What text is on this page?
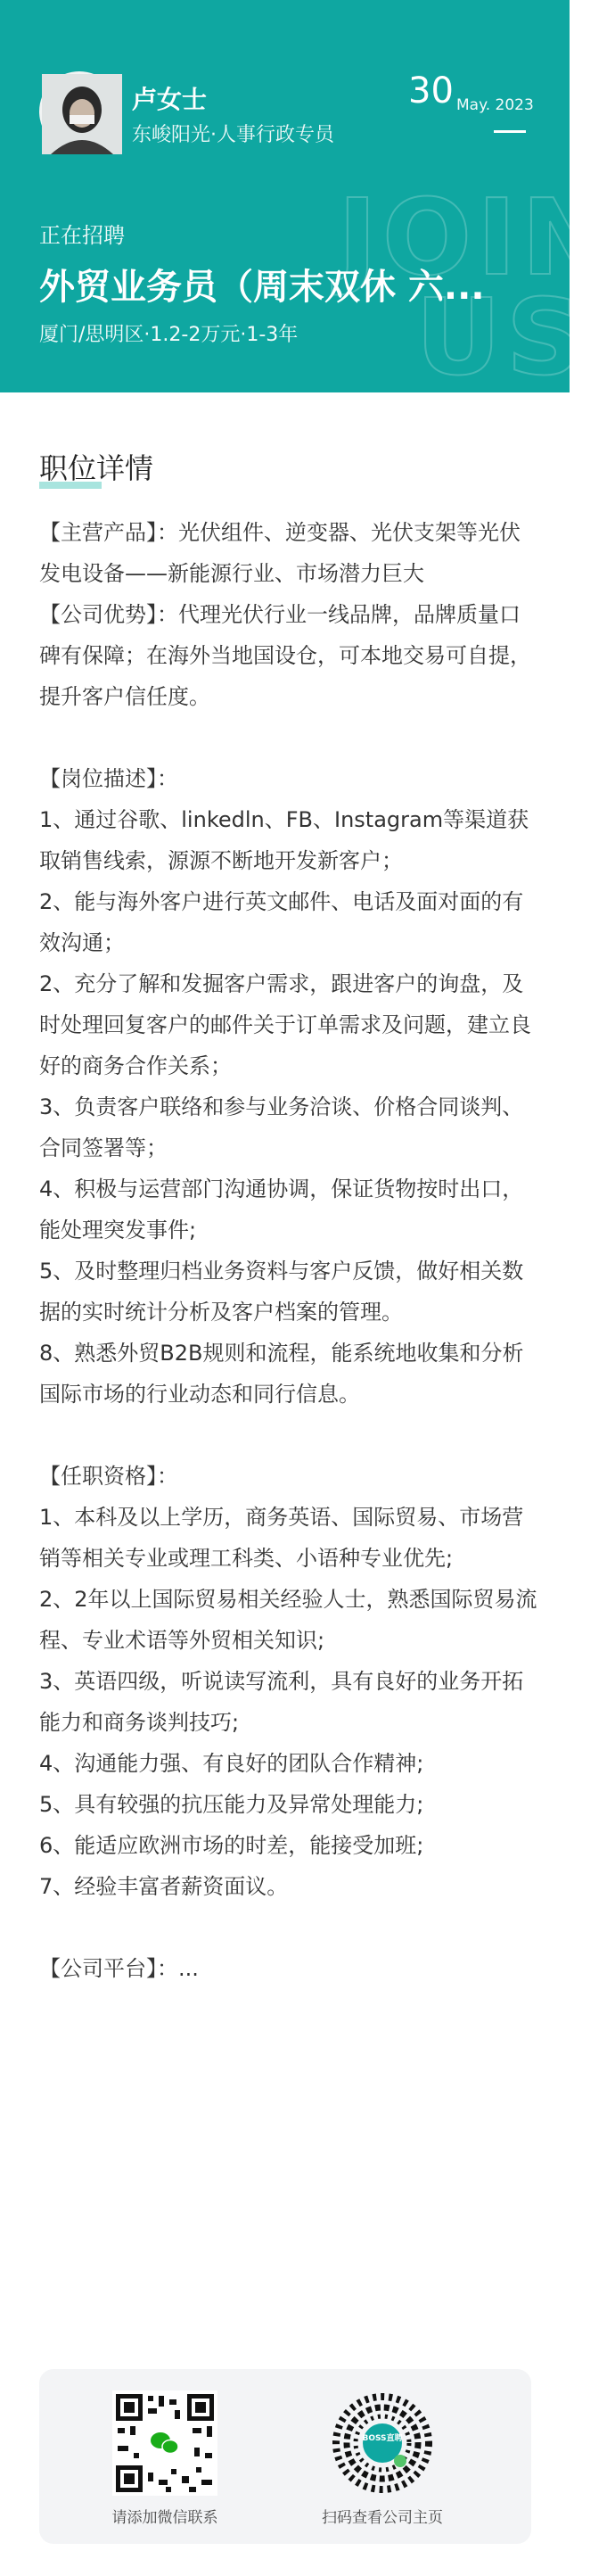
JOIN US
卢女士
东峻阳光·人事行政专员
30 May. 2023
正在招聘
外贸业务员（周末双休 六...
厦门/思明区·1.2-2万元·1-3年
职位详情

【主营产品】：光伏组件、逆变器、光伏支架等光伏发电设备——新能源行业、市场潜力巨大

【公司优势】：代理光伏行业一线品牌，品牌质量口碑有保障；在海外当地国设仓，可本地交易可自提，提升客户信任度。

【岗位描述】：

1、通过谷歌、linkedln、FB、Instagram等渠道获取销售线索，源源不断地开发新客户；

2、能与海外客户进行英文邮件、电话及面对面的有效沟通；

2、充分了解和发掘客户需求，跟进客户的询盘，及时处理回复客户的邮件关于订单需求及问题，建立良好的商务合作关系；

3、负责客户联络和参与业务洽谈、价格合同谈判、合同签署等；

4、积极与运营部门沟通协调，保证货物按时出口，能处理突发事件;

5、及时整理归档业务资料与客户反馈，做好相关数据的实时统计分析及客户档案的管理。

8、熟悉外贸B2B规则和流程，能系统地收集和分析国际市场的行业动态和同行信息。

【任职资格】：

1、本科及以上学历，商务英语、国际贸易、市场营销等相关专业或理工科类、小语种专业优先;

2、2年以上国际贸易相关经验人士，熟悉国际贸易流程、专业术语等外贸相关知识;

3、英语四级，听说读写流利，具有良好的业务开拓能力和商务谈判技巧;

4、沟通能力强、有良好的团队合作精神;

5、具有较强的抗压能力及异常处理能力;

6、能适应欧洲市场的时差，能接受加班;

7、经验丰富者薪资面议。

【公司平台】：...

请添加微信联系
BOSS直聘
扫码查看公司主页
